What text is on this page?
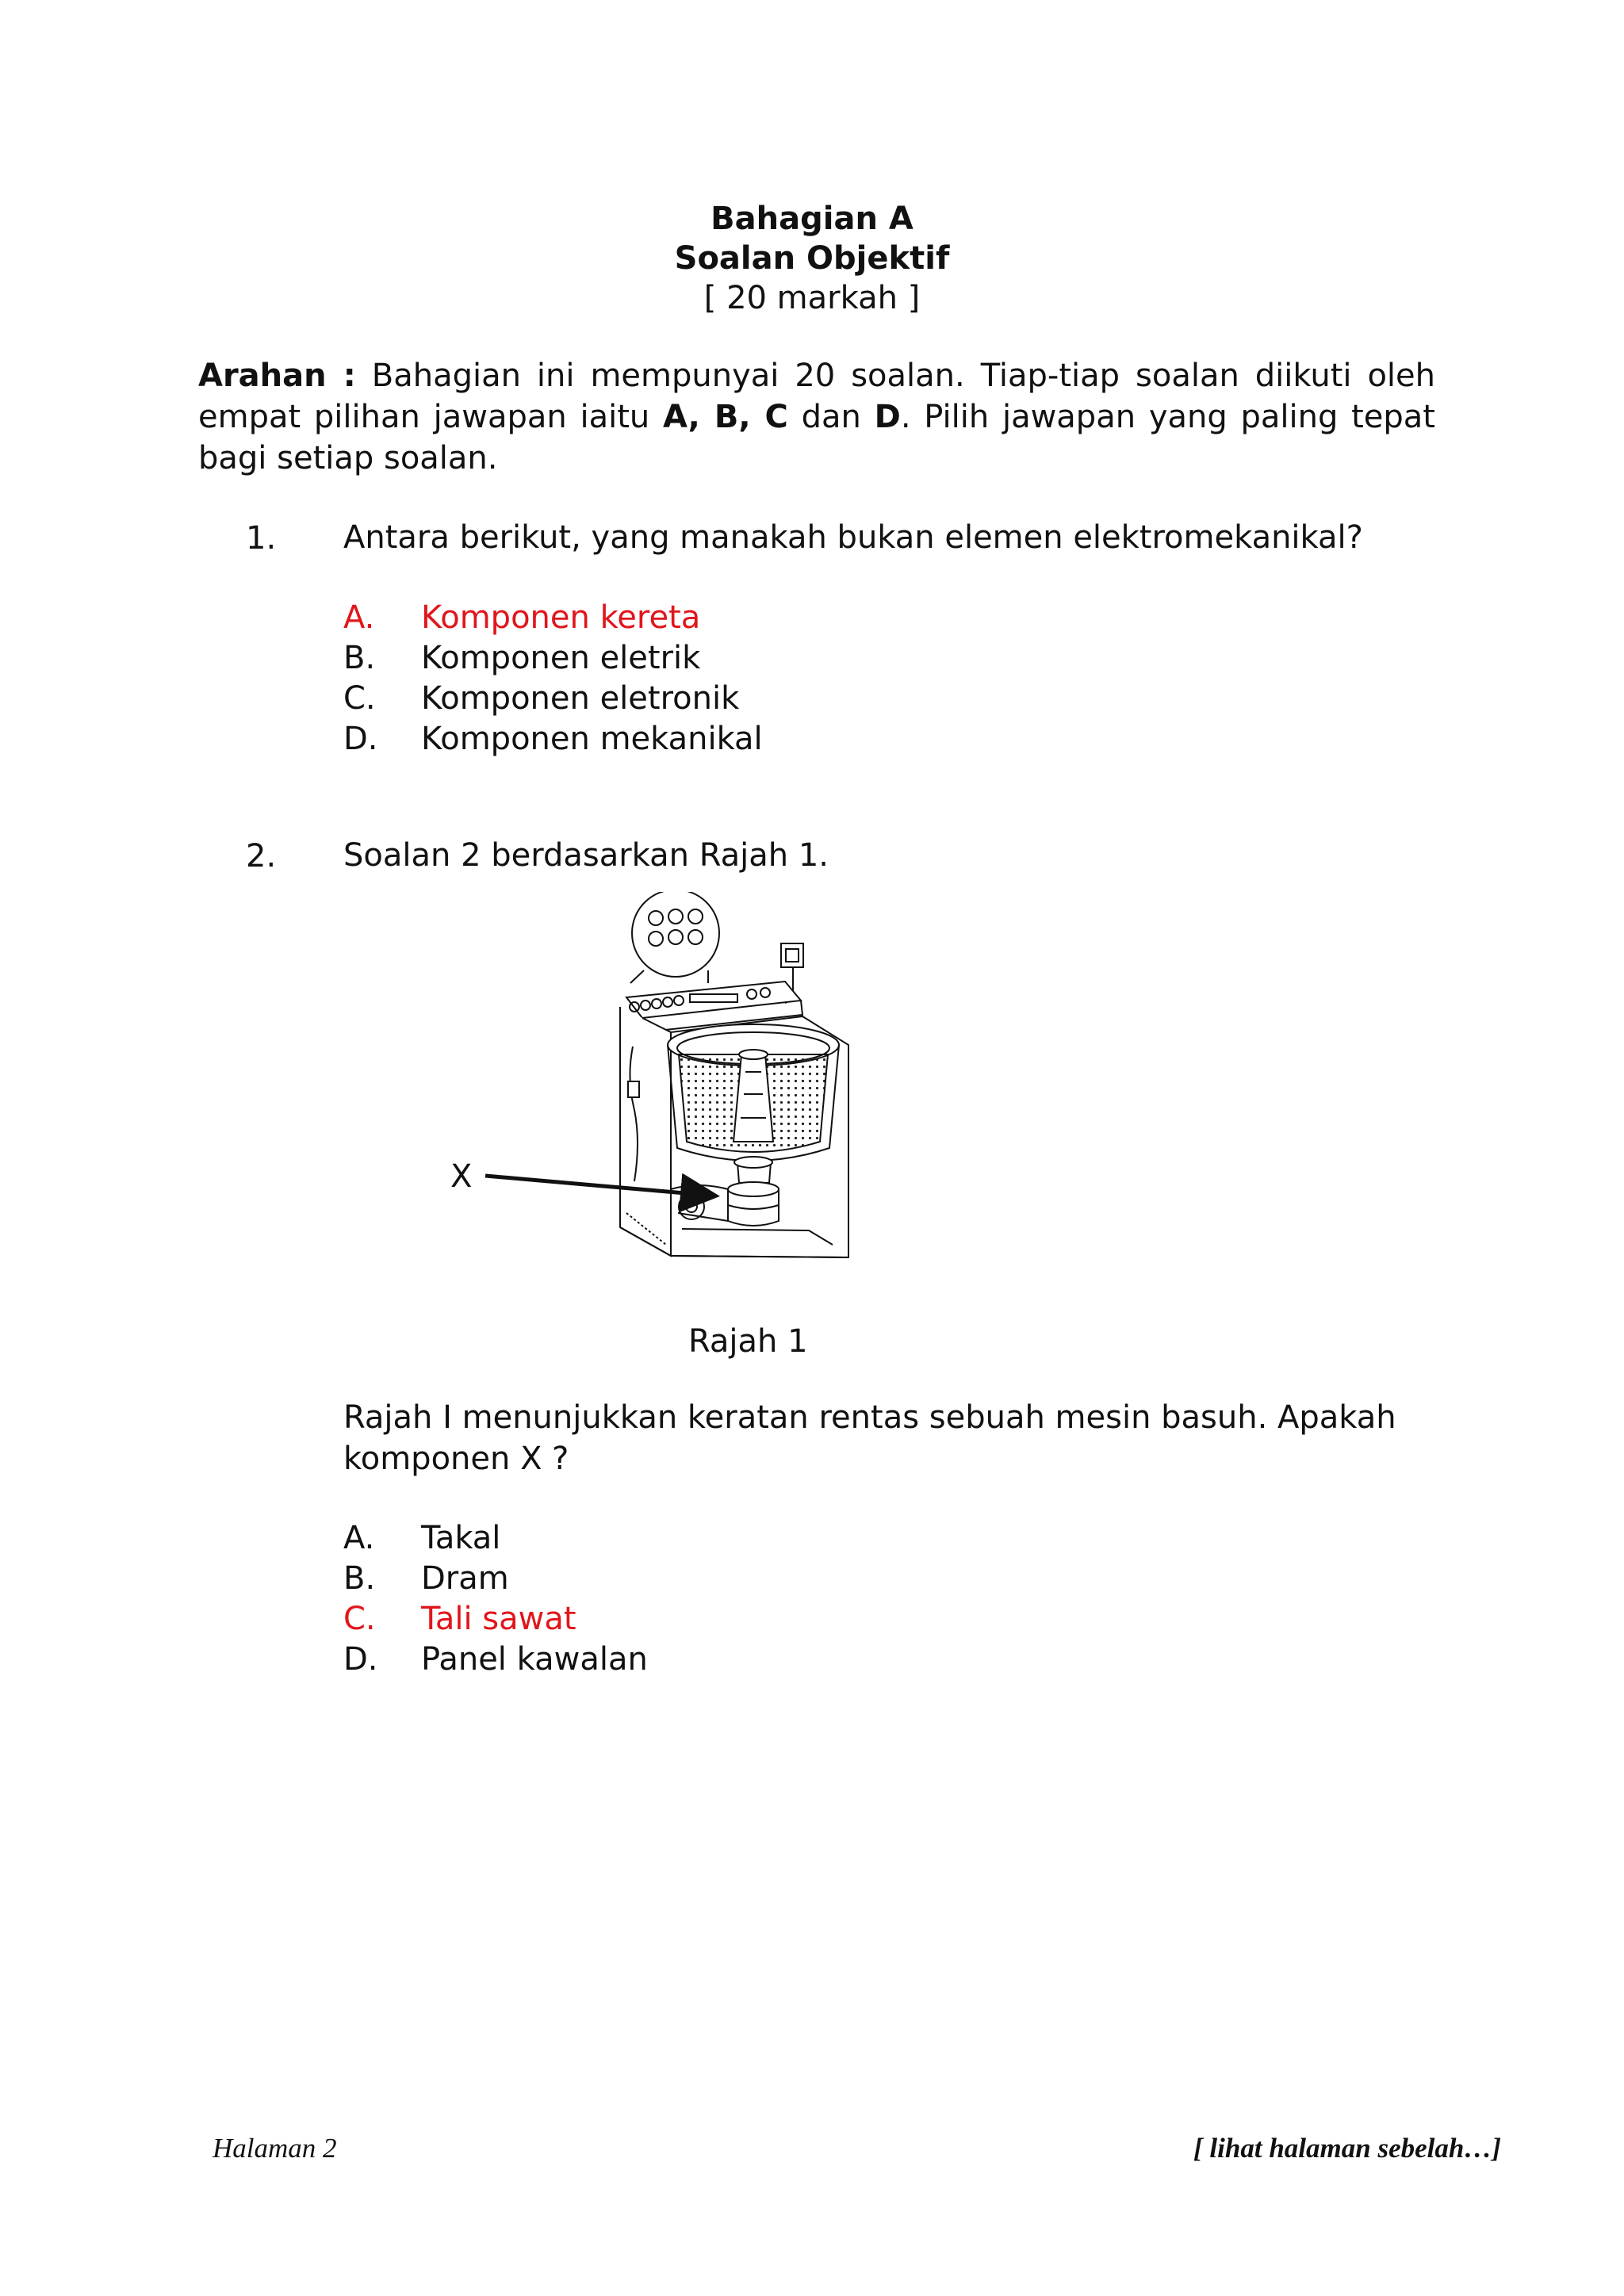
Bahagian A
Soalan Objektif
[ 20 markah ]
Arahan : Bahagian ini mempunyai 20 soalan. Tiap-tiap soalan diikuti oleh empat pilihan jawapan iaitu A, B, C dan D. Pilih jawapan yang paling tepat bagi setiap soalan.
1. Antara berikut, yang manakah bukan elemen elektromekanikal?
A. Komponen kereta
B. Komponen eletrik
C. Komponen eletronik
D. Komponen mekanikal
2. Soalan 2 berdasarkan Rajah 1.
X
Rajah 1
Rajah I menunjukkan keratan rentas sebuah mesin basuh. Apakah komponen X ?
A. Takal
B. Dram
C. Tali sawat
D. Panel kawalan
Halaman 2	[ lihat halaman sebelah…]
